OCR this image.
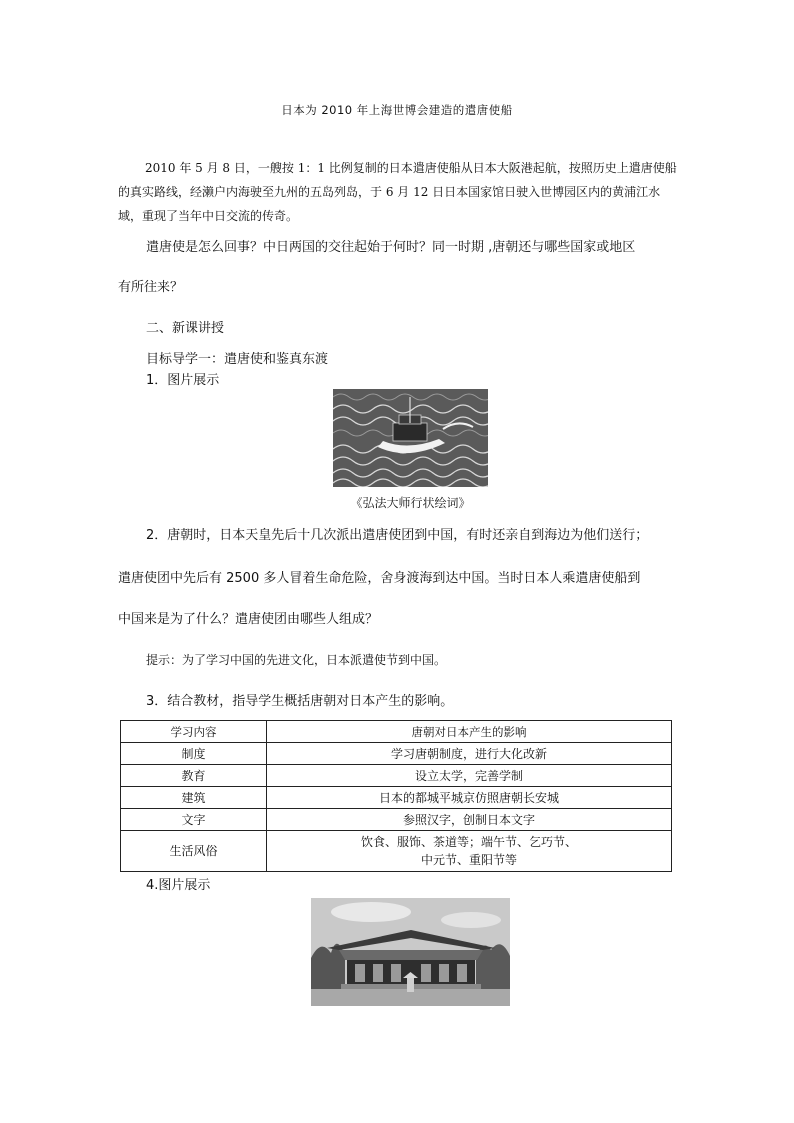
日本为 2010 年上海世博会建造的遣唐使船

2010 年 5 月 8 日，一艘按 1：1 比例复制的日本遣唐使船从日本大阪港起航，按照历史上遣唐使船的真实路线，经濑户内海驶至九州的五岛列岛，于 6 月 12 日日本国家馆日驶入世博园区内的黄浦江水域，重现了当年中日交流的传奇。

遣唐使是怎么回事？中日两国的交往起始于何时？同一时期 ,唐朝还与哪些国家或地区
有所往来？
二、新课讲授
目标导学一：遣唐使和鉴真东渡
1．图片展示
《弘法大师行状绘词》
2．唐朝时，日本天皇先后十几次派出遣唐使团到中国，有时还亲自到海边为他们送行；
遣唐使团中先后有 2500 多人冒着生命危险，舍身渡海到达中国。当时日本人乘遣唐使船到
中国来是为了什么？遣唐使团由哪些人组成？
提示：为了学习中国的先进文化，日本派遣使节到中国。
3．结合教材，指导学生概括唐朝对日本产生的影响。
学习内容	唐朝对日本产生的影响
制度	学习唐朝制度，进行大化改新
教育	设立太学，完善学制
建筑	日本的都城平城京仿照唐朝长安城
文字	参照汉字，创制日本文字
生活风俗	饮食、服饰、茶道等；端午节、乞巧节、
中元节、重阳节等
4.图片展示
